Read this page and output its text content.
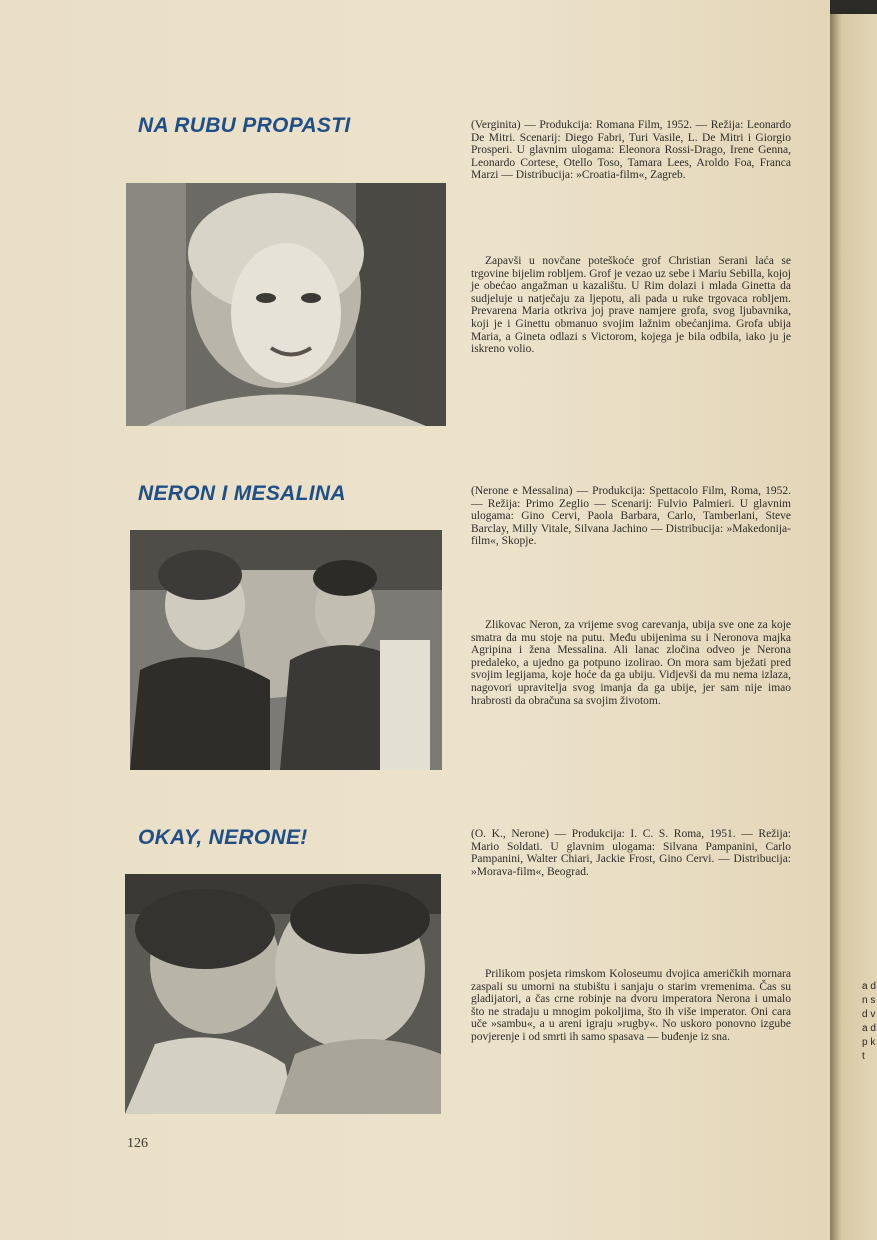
NA RUBU PROPASTI	(Verginita) — Produkcija: Romana Film, 1952. — Režija: Leonardo De Mitri. Scenarij: Diego Fabri, Turi Vasile, L. De Mitri i Giorgio Prosperi. U glavnim ulogama: Eleonora Rossi-Drago, Irene Genna, Leonardo Cortese, Otello Toso, Tamara Lees, Aroldo Foa, Franca Marzi — Distribucija: »Croatia-film«, Zagreb.

Zapavši u novčane poteškoće grof Christian Serani laća se trgovine bijelim robljem. Grof je vezao uz sebe i Mariu Sebilla, kojoj je obećao angažman u kazalištu. U Rim dolazi i mlada Ginetta da sudjeluje u natječaju za ljepotu, ali pada u ruke trgovaca robljem. Prevarena Maria otkriva joj prave namjere grofa, svog ljubavnika, koji je i Ginettu obmanuo svojim lažnim obećanjima. Grofa ubija Maria, a Gineta odlazi s Victorom, kojega je bila odbila, iako ju je iskreno volio.

NERON I MESALINA	(Nerone e Messalina) — Produkcija: Spettacolo Film, Roma, 1952. — Režija: Primo Zeglio — Scenarij: Fulvio Palmieri. U glavnim ulogama: Gino Cervi, Paola Barbara, Carlo, Tamberlani, Steve Barclay, Milly Vitale, Silvana Jachino — Distribucija: »Makedonija-film«, Skopje.

Zlikovac Neron, za vrijeme svog carevanja, ubija sve one za koje smatra da mu stoje na putu. Među ubijenima su i Neronova majka Agripina i žena Messalina. Ali lanac zločina odveo je Nerona predaleko, a ujedno ga potpuno izolirao. On mora sam bježati pred svojim legijama, koje hoće da ga ubiju. Vidjevši da mu nema izlaza, nagovori upravitelja svog imanja da ga ubije, jer sam nije imao hrabrosti da obračuna sa svojim životom.

OKAY, NERONE!	(O. K., Nerone) — Produkcija: I. C. S. Roma, 1951. — Režija: Mario Soldati. U glavnim ulogama: Silvana Pampanini, Carlo Pampanini, Walter Chiari, Jackie Frost, Gino Cervi. — Distribucija: »Morava-film«, Beograd.

Prilikom posjeta rimskom Koloseumu dvojica američkih mornara zaspali su umorni na stubištu i sanjaju o starim vremenima. Čas su gladijatori, a čas crne robinje na dvoru imperatora Nerona i umalo što ne stradaju u mnogim pokoljima, što ih više imperator. Oni cara uče »sambu«, a u areni igraju »rugby«. No uskoro ponovno izgube povjerenje i od smrti ih samo spasava — buđenje iz sna.

126
a d n s d v a d p k t
